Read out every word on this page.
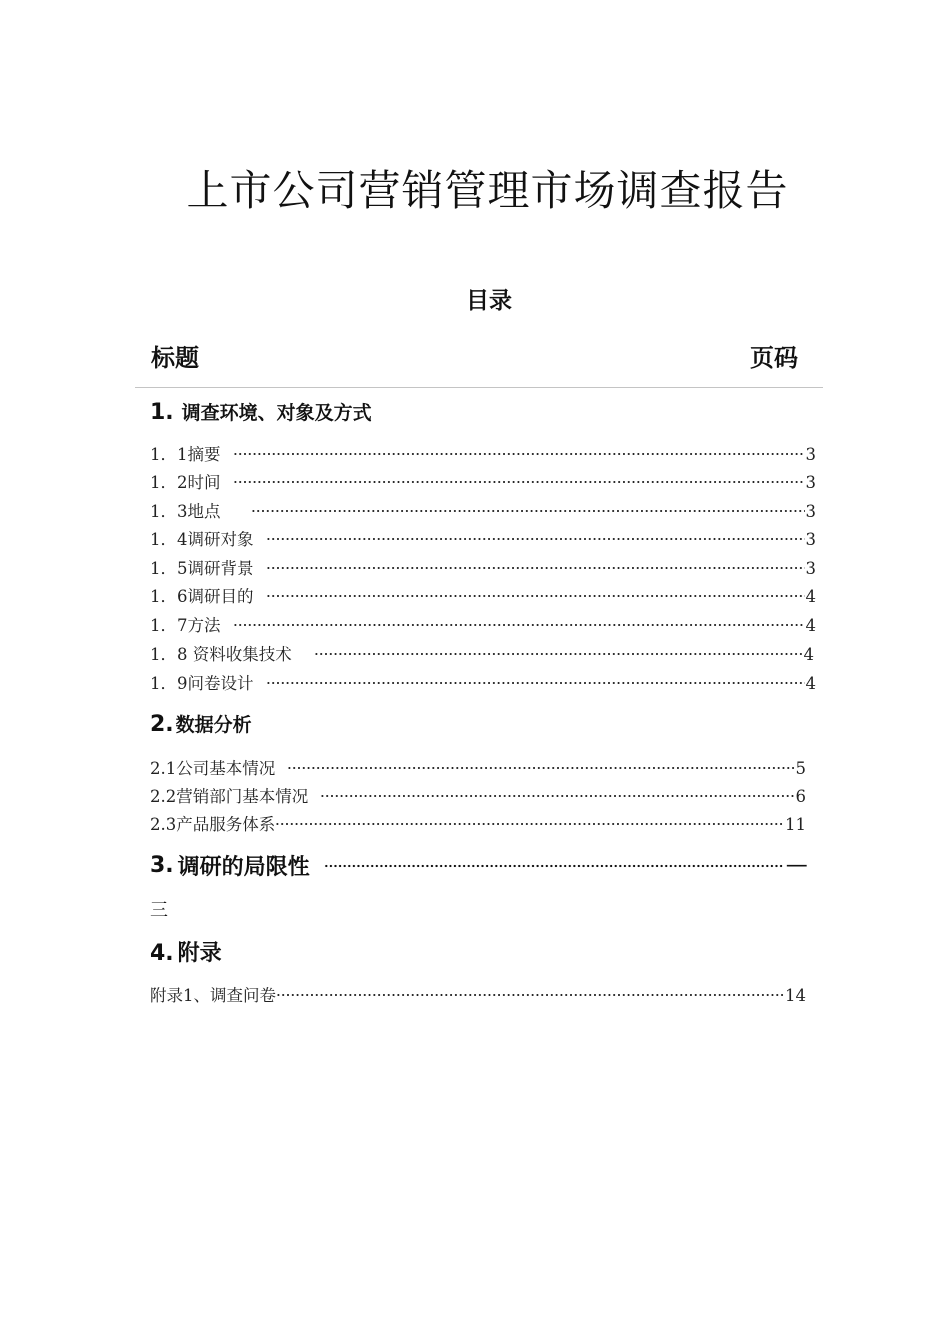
上市公司营销管理市场调查报告
目录
标题	页码
1. 调查环境、对象及方式
1．1摘要	3
1．2时间	3
1．3地点	3
1．4调研对象	3
1．5调研背景	3
1．6调研目的	4
1．7方法	4
1．8 资料收集技术	4
1．9问卷设计	4
2. 数据分析
2.1公司基本情况	5
2.2营销部门基本情况	6
2.3产品服务体系	11
3. 调研的局限性	—
三
4. 附录
附录1、调查问卷	14
